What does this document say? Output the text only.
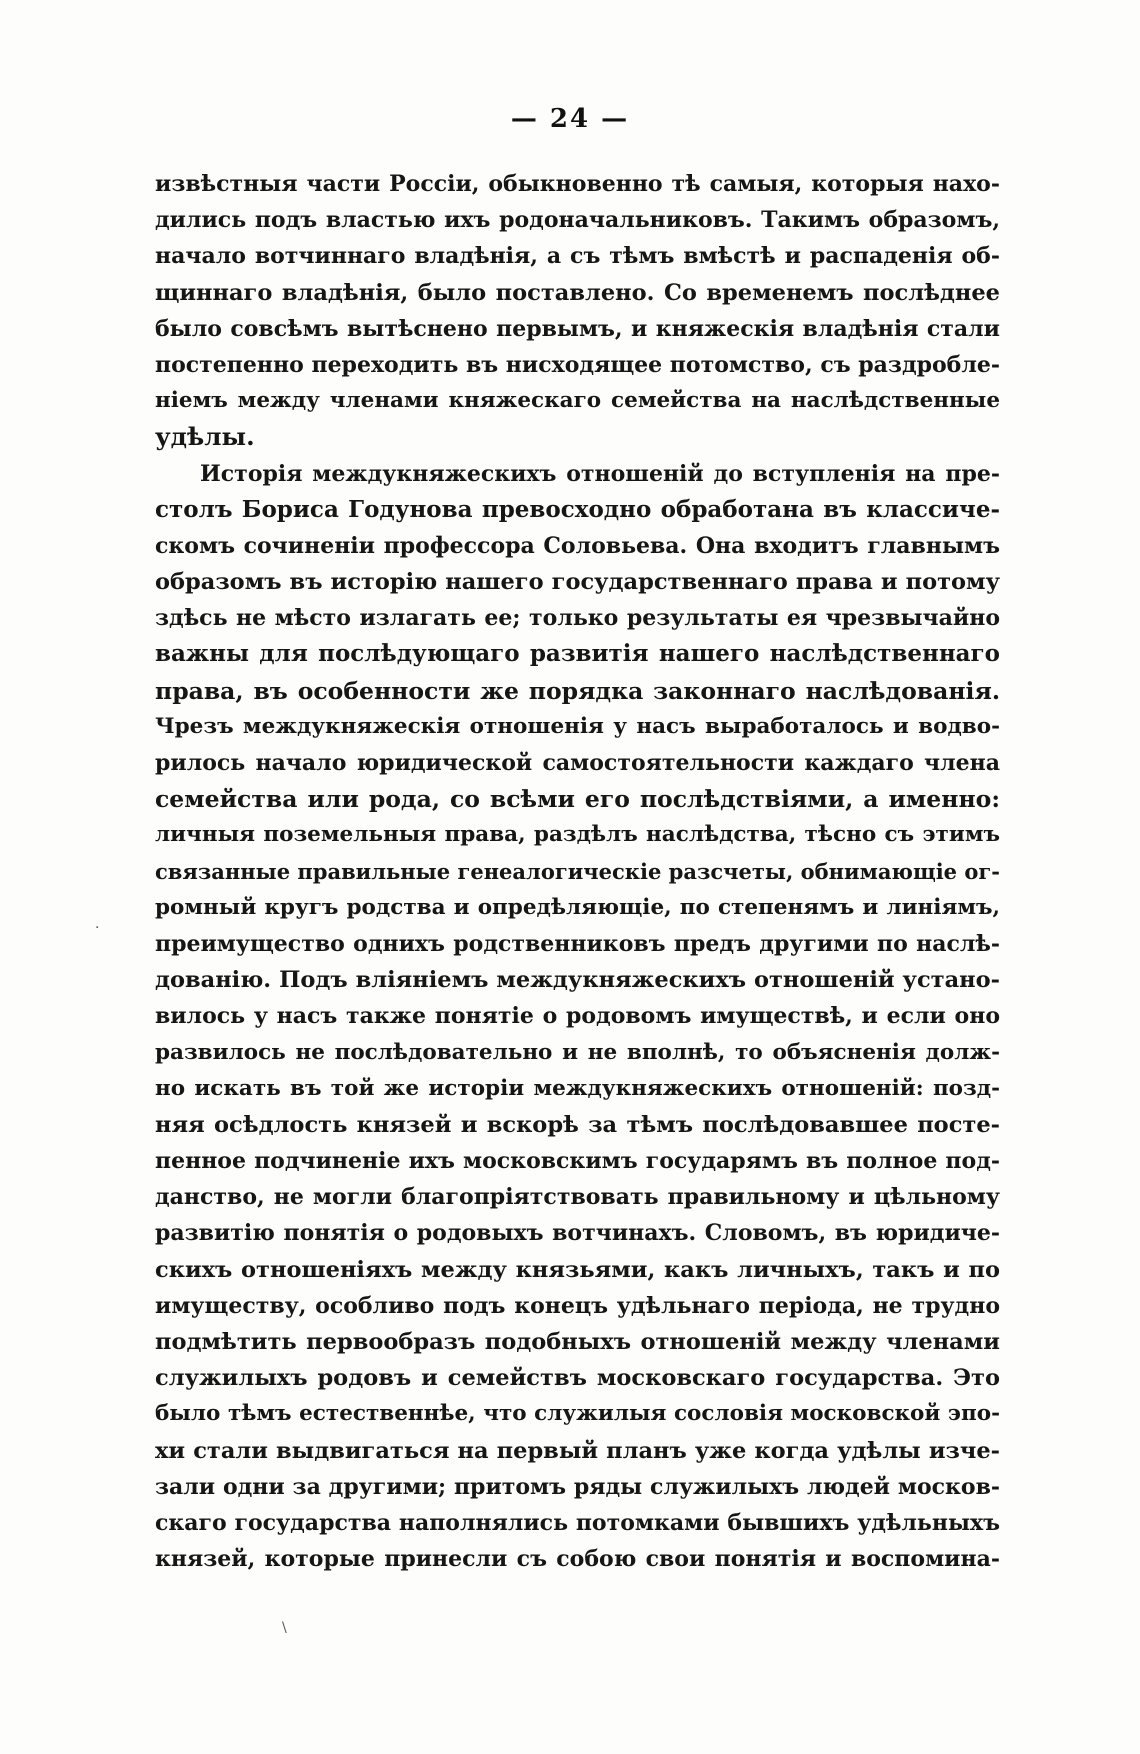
— 24 —
извѣстныя части Россіи, обыкновенно тѣ самыя, которыя нахо-
дились подъ властью ихъ родоначальниковъ. Такимъ образомъ,
начало вотчиннаго владѣнія, а съ тѣмъ вмѣстѣ и распаденія об-
щиннаго владѣнія, было поставлено. Со временемъ послѣднее
было совсѣмъ вытѣснено первымъ, и княжескія владѣнія стали
постепенно переходить въ нисходящее потомство, съ раздробле-
ніемъ между членами княжескаго семейства на наслѣдственные
удѣлы.
Исторія междукняжескихъ отношеній до вступленія на пре-
столъ Бориса Годунова превосходно обработана въ классиче-
скомъ сочиненіи профессора Соловьева. Она входитъ главнымъ
образомъ въ исторію нашего государственнаго права и потому
здѣсь не мѣсто излагать ее; только результаты ея чрезвычайно
важны для послѣдующаго развитія нашего наслѣдственнаго
права, въ особенности же порядка законнаго наслѣдованія.
Чрезъ междукняжескія отношенія у насъ выработалось и водво-
рилось начало юридической самостоятельности каждаго члена
семейства или рода, со всѣми его послѣдствіями, а именно:
личныя поземельныя права, раздѣлъ наслѣдства, тѣсно съ этимъ
связанные правильные генеалогическіе разсчеты, обнимающіе ог-
ромный кругъ родства и опредѣляющіе, по степенямъ и линіямъ,
преимущество однихъ родственниковъ предъ другими по наслѣ-
дованію. Подъ вліяніемъ междукняжескихъ отношеній устано-
вилось у насъ также понятіе о родовомъ имуществѣ, и если оно
развилось не послѣдовательно и не вполнѣ, то объясненія долж-
но искать въ той же исторіи междукняжескихъ отношеній: позд-
няя осѣдлость князей и вскорѣ за тѣмъ послѣдовавшее посте-
пенное подчиненіе ихъ московскимъ государямъ въ полное под-
данство, не могли благопріятствовать правильному и цѣльному
развитію понятія о родовыхъ вотчинахъ. Словомъ, въ юридиче-
скихъ отношеніяхъ между князьями, какъ личныхъ, такъ и по
имуществу, особливо подъ конецъ удѣльнаго періода, не трудно
подмѣтить первообразъ подобныхъ отношеній между членами
служилыхъ родовъ и семействъ московскаго государства. Это
было тѣмъ естественнѣе, что служилыя сословія московской эпо-
хи стали выдвигаться на первый планъ уже когда удѣлы изче-
зали одни за другими; притомъ ряды служилыхъ людей москов-
скаго государства наполнялись потомками бывшихъ удѣльныхъ
князей, которые принесли съ собою свои понятія и воспомина-
·
\
